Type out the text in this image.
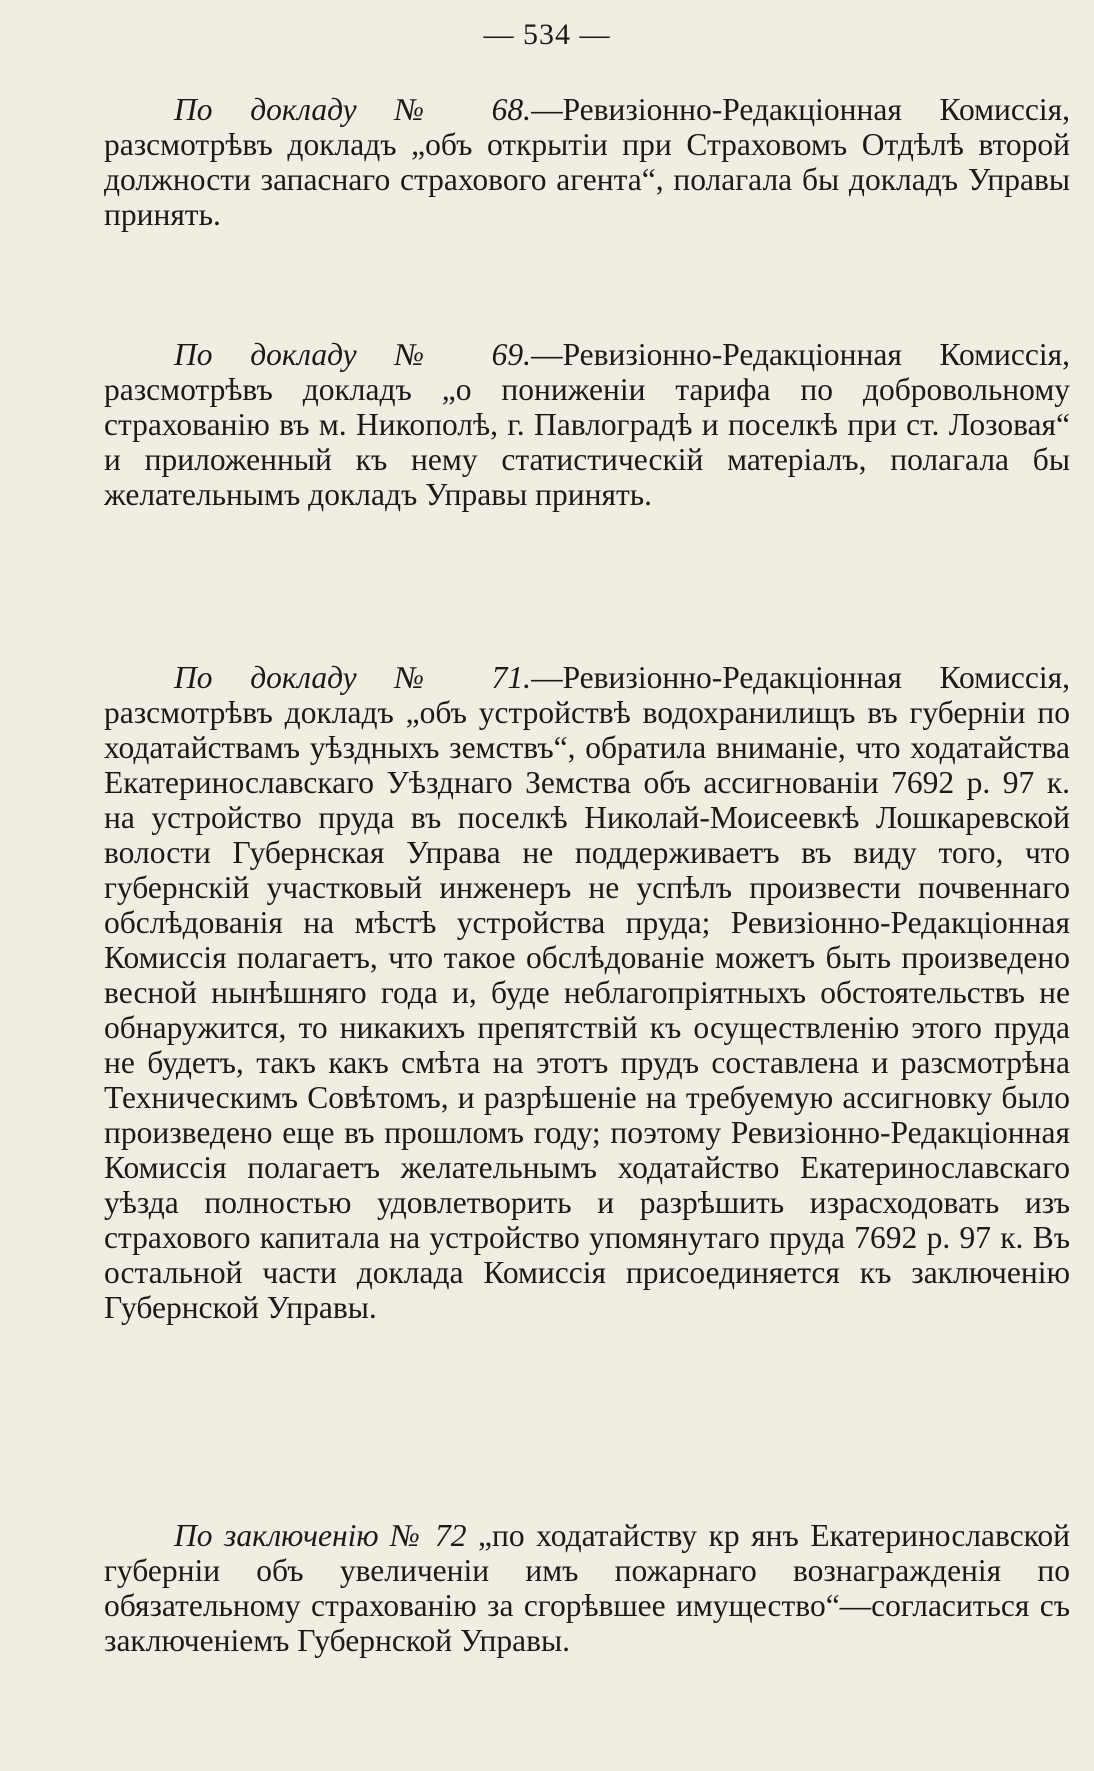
— 534 —

По докладу № 68.—Ревизіонно-Редакціонная Комиссія, разсмотрѣвъ докладъ „объ открытіи при Страховомъ Отдѣлѣ второй должности запаснаго страхового агента“, полагала бы докладъ Управы принять.

По докладу № 69.—Ревизіонно-Редакціонная Комиссія, разсмотрѣвъ докладъ „о пониженіи тарифа по добровольному страхованію въ м. Никополѣ, г. Павлоградѣ и поселкѣ при ст. Лозовая“ и приложенный къ нему статистическій матеріалъ, полагала бы желательнымъ докладъ Управы принять.

По докладу № 71.—Ревизіонно-Редакціонная Комиссія, разсмотрѣвъ докладъ „объ устройствѣ водохранилищъ въ губерніи по ходатайствамъ уѣздныхъ земствъ“, обратила вниманіе, что ходатайства Екатеринославскаго Уѣзднаго Земства объ ассигнованіи 7692 р. 97 к. на устройство пруда въ поселкѣ Николай-Моисеевкѣ Лошкаревской волости Губернская Управа не поддерживаетъ въ виду того, что губернскій участковый инженеръ не успѣлъ произвести почвеннаго обслѣдованія на мѣстѣ устройства пруда; Ревизіонно-Редакціонная Комиссія полагаетъ, что такое обслѣдованіе можетъ быть произведено весной нынѣшняго года и, буде неблагопріятныхъ обстоятельствъ не обнаружится, то никакихъ препятствій къ осуществленію этого пруда не будетъ, такъ какъ смѣта на этотъ прудъ составлена и разсмотрѣна Техническимъ Совѣтомъ, и разрѣшеніе на требуемую ассигновку было произведено еще въ прошломъ году; поэтому Ревизіонно-Редакціонная Комиссія полагаетъ желательнымъ ходатайство Екатеринославскаго уѣзда полностью удовлетворить и разрѣшить израсходовать изъ страхового капитала на устройство упомянутаго пруда 7692 р. 97 к. Въ остальной части доклада Комиссія присоединяется къ заключенію Губернской Управы.

По заключенію № 72 „по ходатайству кр янъ Екатеринославской губерніи объ увеличеніи имъ пожарнаго вознагражденія по обязательному страхованію за сгорѣвшее имущество“—согласиться съ заключеніемъ Губернской Управы.
